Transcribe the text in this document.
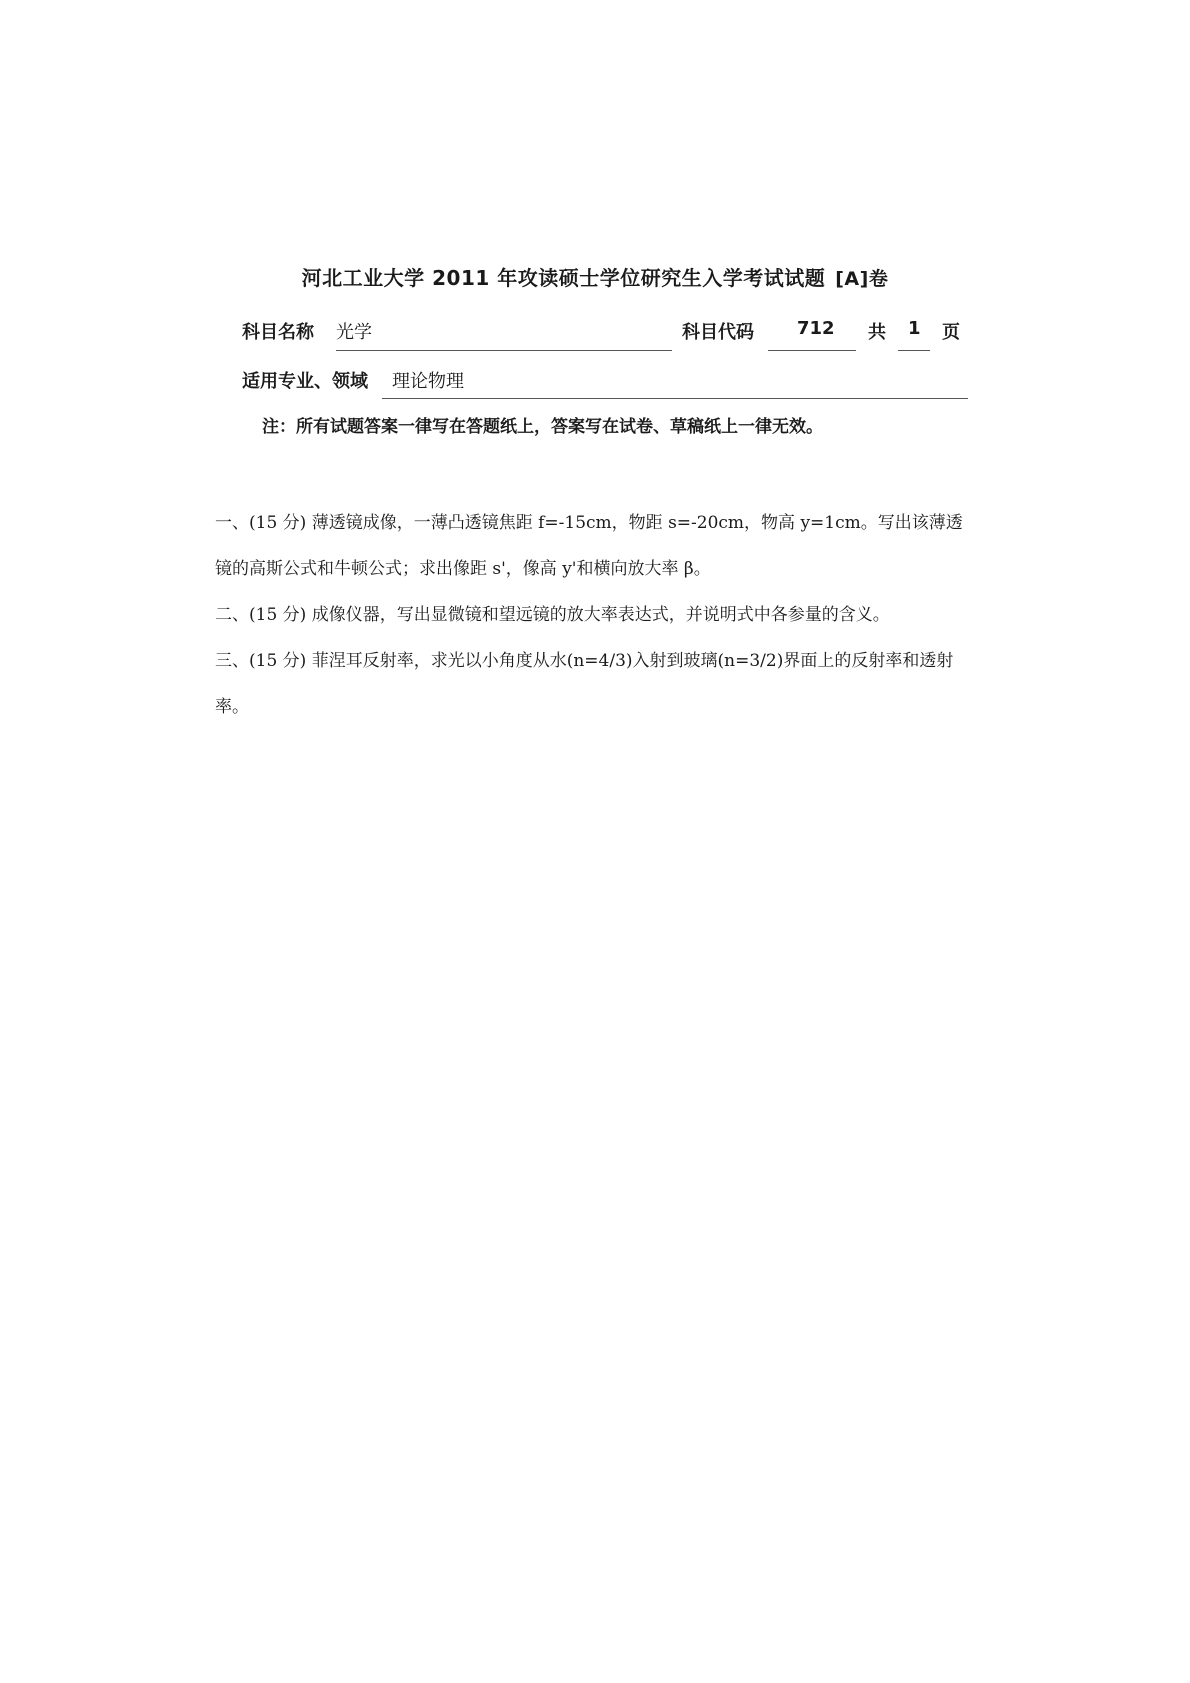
河北工业大学 2011 年攻读硕士学位研究生入学考试试题 [A]卷
科目名称 光学	科目代码 712 共 1 页
适用专业、领域 理论物理
注：所有试题答案一律写在答题纸上，答案写在试卷、草稿纸上一律无效。
一、(15 分) 薄透镜成像，一薄凸透镜焦距 f=-15cm，物距 s=-20cm，物高 y=1cm。写出该薄透镜的高斯公式和牛顿公式；求出像距 s'，像高 y'和横向放大率 β。
二、(15 分) 成像仪器，写出显微镜和望远镜的放大率表达式，并说明式中各参量的含义。
三、(15 分) 菲涅耳反射率，求光以小角度从水(n=4/3)入射到玻璃(n=3/2)界面上的反射率和透射率。
